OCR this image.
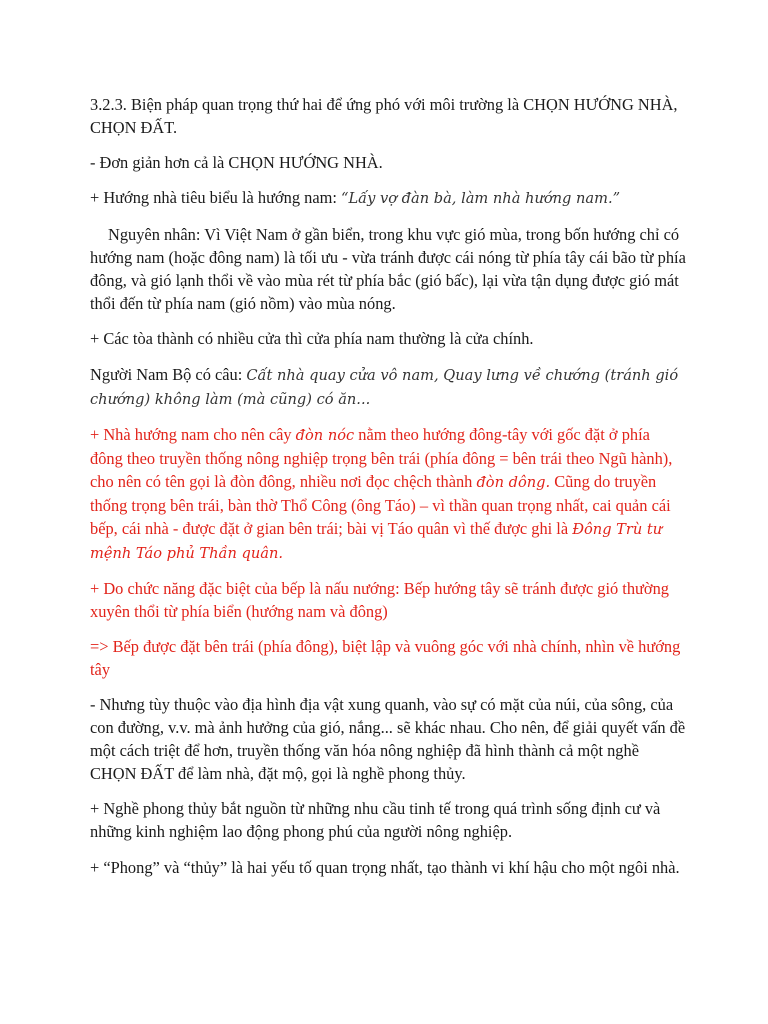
3.2.3. Biện pháp quan trọng thứ hai để ứng phó với môi trường là CHỌN HƯỚNG NHÀ, CHỌN ĐẤT.

- Đơn giản hơn cả là CHỌN HƯỚNG NHÀ.

+ Hướng nhà tiêu biểu là hướng nam: “Lấy vợ đàn bà, làm nhà hướng nam.”

Nguyên nhân: Vì Việt Nam ở gần biển, trong khu vực gió mùa, trong bốn hướng chỉ có hướng nam (hoặc đông nam) là tối ưu - vừa tránh được cái nóng từ phía tây cái bão từ phía đông, và gió lạnh thổi về vào mùa rét từ phía bắc (gió bấc), lại vừa tận dụng được gió mát thổi đến từ phía nam (gió nồm) vào mùa nóng.

+ Các tòa thành có nhiều cửa thì cửa phía nam thường là cửa chính.

Người Nam Bộ có câu: Cất nhà quay cửa vô nam, Quay lưng về chướng (tránh gió chướng) không làm (mà cũng) có ăn...

+ Nhà hướng nam cho nên cây đòn nóc nằm theo hướng đông-tây với gốc đặt ở phía đông theo truyền thống nông nghiệp trọng bên trái (phía đông = bên trái theo Ngũ hành), cho nên có tên gọi là đòn đông, nhiều nơi đọc chệch thành đòn dông. Cũng do truyền thống trọng bên trái, bàn thờ Thổ Công (ông Táo) – vì thần quan trọng nhất, cai quản cái bếp, cái nhà - được đặt ở gian bên trái; bài vị Táo quân vì thế được ghi là Đông Trù tư mệnh Táo phủ Thần quân.

+ Do chức năng đặc biệt của bếp là nấu nướng: Bếp hướng tây sẽ tránh được gió thường xuyên thổi từ phía biển (hướng nam và đông)

=> Bếp được đặt bên trái (phía đông), biệt lập và vuông góc với nhà chính, nhìn về hướng tây

- Nhưng tùy thuộc vào địa hình địa vật xung quanh, vào sự có mặt của núi, của sông, của con đường, v.v. mà ảnh hưởng của gió, nắng... sẽ khác nhau. Cho nên, để giải quyết vấn đề một cách triệt để hơn, truyền thống văn hóa nông nghiệp đã hình thành cả một nghề CHỌN ĐẤT để làm nhà, đặt mộ, gọi là nghề phong thủy.

+ Nghề phong thủy bắt nguồn từ những nhu cầu tinh tế trong quá trình sống định cư và những kinh nghiệm lao động phong phú của người nông nghiệp.

+ “Phong” và “thủy” là hai yếu tố quan trọng nhất, tạo thành vi khí hậu cho một ngôi nhà.
